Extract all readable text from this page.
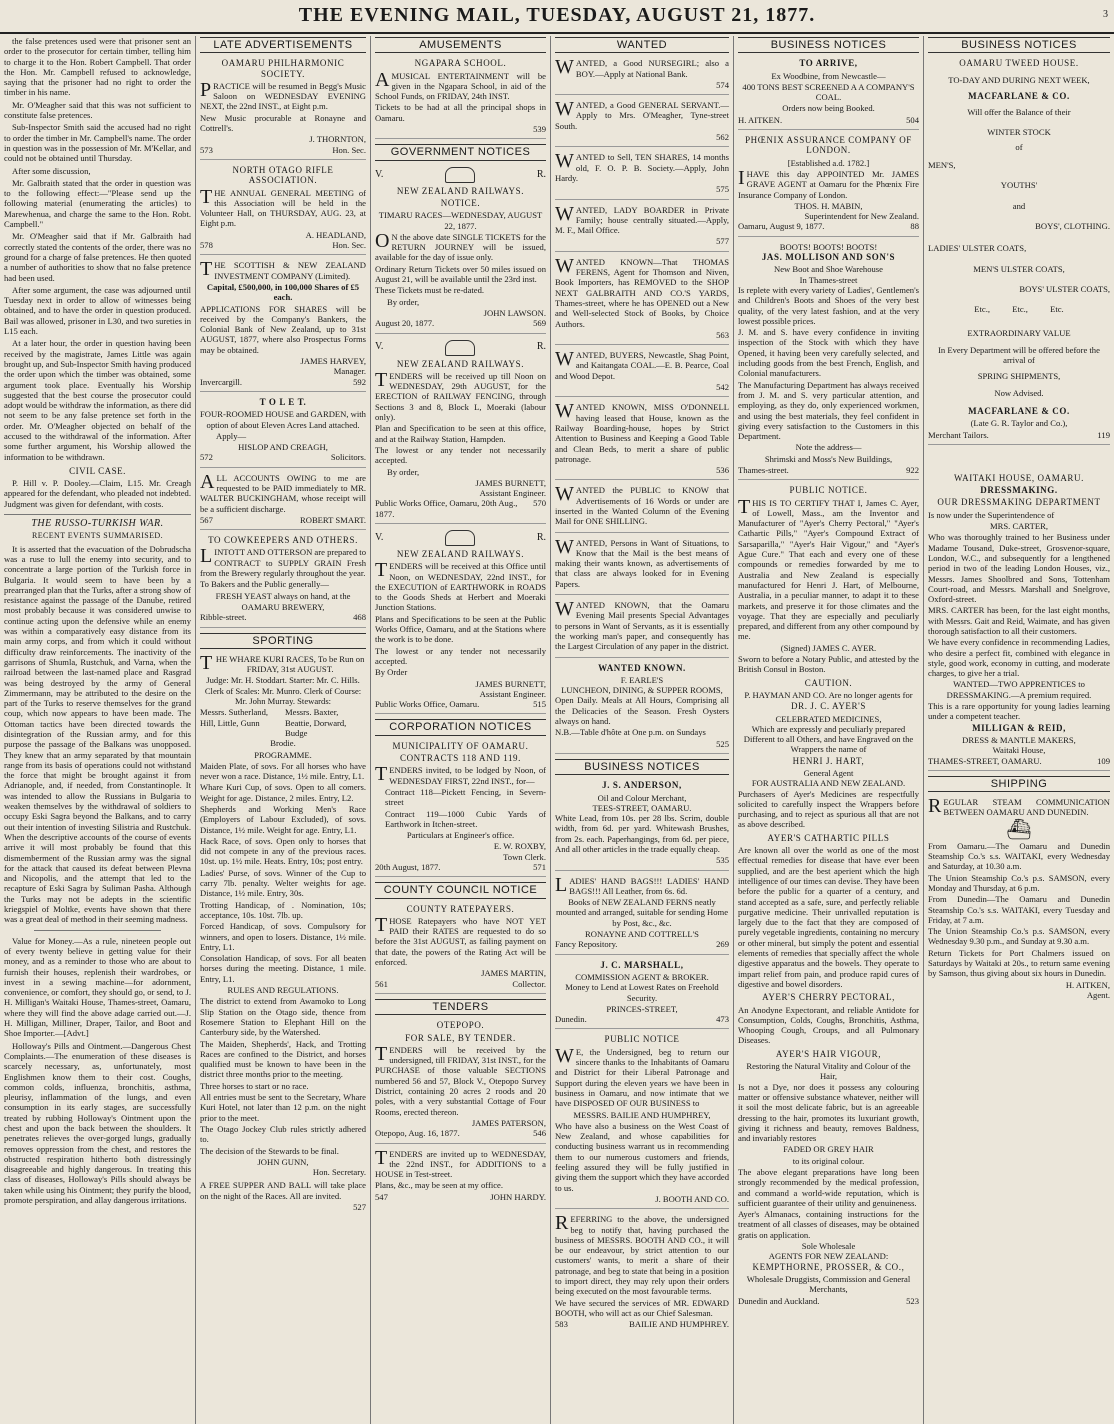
THE EVENING MAIL, TUESDAY, AUGUST 21, 1877.	3

the false pretences used were that prisoner sent an order to the prosecutor for certain timber, telling him to charge it to the Hon. Robert Campbell. That order the Hon. Mr. Campbell refused to acknowledge, saying that the prisoner had no right to order the timber in his name.

Mr. O'Meagher said that this was not sufficient to constitute false pretences.

Sub-Inspector Smith said the accused had no right to order the timber in Mr. Campbell's name. The order in question was in the possession of Mr. M'Kellar, and could not be obtained until Thursday.

After some discussion,

Mr. Galbraith stated that the order in question was to the following effect:—"Please send up the following material (enumerating the articles) to Marewhenua, and charge the same to the Hon. Robt. Campbell."

Mr. O'Meagher said that if Mr. Galbraith had correctly stated the contents of the order, there was no ground for a charge of false pretences. He then quoted a number of authorities to show that no false pretence had been used.

After some argument, the case was adjourned until Tuesday next in order to allow of witnesses being obtained, and to have the order in question produced. Bail was allowed, prisoner in L30, and two sureties in L15 each.

At a later hour, the order in question having been received by the magistrate, James Little was again brought up, and Sub-Inspector Smith having produced the order upon which the timber was obtained, some argument took place. Eventually his Worship suggested that the best course the prosecutor could adopt would be withdraw the information, as there did not seem to be any false pretence set forth in the order. Mr. O'Meagher objected on behalf of the accused to the withdrawal of the information. After some further argument, his Worship allowed the information to be withdrawn.

CIVIL CASE.

P. Hill v. P. Dooley.—Claim, L15. Mr. Creagh appeared for the defendant, who pleaded not indebted. Judgment was given for defendant, with costs.

THE RUSSO-TURKISH WAR.
RECENT EVENTS SUMMARISED.

It is asserted that the evacuation of the Dobrudscha was a ruse to lull the enemy into security, and to concentrate a large portion of the Turkish force in Bulgaria. It would seem to have been by a prearranged plan that the Turks, after a strong show of resistance against the passage of the Danube, retired most probably because it was considered unwise to continue acting upon the defensive while an enemy was within a comparatively easy distance from its main army corps, and from which it could without difficulty draw reinforcements. The inactivity of the garrisons of Shumla, Rustchuk, and Varna, when the railroad between the last-named place and Rasgrad was being destroyed by the army of General Zimmermann, may be attributed to the desire on the part of the Turks to reserve themselves for the grand coup, which now appears to have been made. The Ottoman tactics have been directed towards the disintegration of the Russian army, and for this purpose the passage of the Balkans was unopposed. They knew that an army separated by that mountain range from its basis of operations could not withstand the force that might be brought against it from Adrianople, and, if needed, from Constantinople. It was intended to allow the Russians in Bulgaria to weaken themselves by the withdrawal of soldiers to occupy Eski Sagra beyond the Balkans, and to carry out their intention of investing Silistria and Rustchuk. When the descriptive accounts of the course of events arrive it will most probably be found that this dismemberment of the Russian army was the signal for the attack that caused its defeat between Plevna and Nicopolis, and the attempt that led to the recapture of Eski Sagra by Suliman Pasha. Although the Turks may not be adepts in the scientific kriegspiel of Moltke, events have shown that there was a great deal of method in their seeming madness.

Value for Money.—As a rule, nineteen people out of every twenty believe in getting value for their money, and as a reminder to those who are about to furnish their houses, replenish their wardrobes, or invest in a sewing machine—for adornment, convenience, or comfort, they should go, or send, to J. H. Milligan's Waitaki House, Thames-street, Oamaru, where they will find the above adage carried out.—J. H. Milligan, Milliner, Draper, Tailor, and Boot and Shoe Importer.—[Advt.]

Holloway's Pills and Ointment.—Dangerous Chest Complaints.—The enumeration of these diseases is scarcely necessary, as, unfortunately, most Englishmen know them to their cost. Coughs, common colds, influenza, bronchitis, asthma, pleurisy, inflammation of the lungs, and even consumption in its early stages, are successfully treated by rubbing Holloway's Ointment upon the chest and upon the back between the shoulders. It penetrates relieves the over-gorged lungs, gradually removes oppression from the chest, and restores the obstructed respiration hitherto both distressingly disagreeable and highly dangerous. In treating this class of diseases, Holloway's Pills should always be taken while using his Ointment; they purify the blood, promote perspiration, and allay dangerous irritations.

LATE ADVERTISEMENTS
OAMARU PHILHARMONIC SOCIETY.

PRACTICE will be resumed in Begg's Music Saloon on WEDNESDAY EVENING NEXT, the 22nd INST., at Eight p.m.

New Music procurable at Ronayne and Cottrell's.

J. THORNTON,
573	Hon. Sec.
NORTH OTAGO RIFLE ASSOCIATION.

THE ANNUAL GENERAL MEETING of this Association will be held in the Volunteer Hall, on THURSDAY, AUG. 23, at Eight p.m.

A. HEADLAND,
578	Hon. Sec.

THE SCOTTISH & NEW ZEALAND INVESTMENT COMPANY (Limited).

Capital, £500,000, in 100,000 Shares of £5 each.

APPLICATIONS FOR SHARES will be received by the Company's Bankers, the Colonial Bank of New Zealand, up to 31st AUGUST, 1877, where also Prospectus Forms may be obtained.

JAMES HARVEY,
Manager.
Invercargill.	592
T O L E T.

FOUR-ROOMED HOUSE and GARDEN, with option of about Eleven Acres Land attached.

Apply—

HISLOP AND CREAGH,
572	Solicitors.

ALL ACCOUNTS OWING to me are requested to be PAID immediately to MR. WALTER BUCKINGHAM, whose receipt will be a sufficient discharge.

567	ROBERT SMART.
TO COWKEEPERS AND OTHERS.

LINTOTT AND OTTERSON are prepared to CONTRACT to SUPPLY GRAIN Fresh from the Brewery regularly throughout the year.

To Bakers and the Public generally—

FRESH YEAST always on hand, at the

OAMARU BREWERY,
Ribble-street.	468
SPORTING

THE WHARE KURI RACES, To be Run on FRIDAY, 31st AUGUST.

Judge: Mr. H. Stoddart. Starter: Mr. C. Hills. Clerk of Scales: Mr. Munro. Clerk of Course: Mr. John Murray. Stewards:

Messrs. Sutherland, Hill, Little, Gunn
Messrs. Baxter, Beattie, Dorward, Budge

Brodie.

PROGRAMME.

Maiden Plate, of sovs. For all horses who have never won a race. Distance, 1½ mile. Entry, L1.

Whare Kuri Cup, of sovs. Open to all comers. Weight for age. Distance, 2 miles. Entry, L2.

Shepherds and Working Men's Race (Employers of Labour Excluded), of sovs. Distance, 1½ mile. Weight for age. Entry, L1.

Hack Race, of sovs. Open only to horses that did not compete in any of the previous races. 10st. up. 1½ mile. Heats. Entry, 10s; post entry.

Ladies' Purse, of sovs. Winner of the Cup to carry 7lb. penalty. Welter weights for age. Distance, 1½ mile. Entry, 30s.

Trotting Handicap, of . Nomination, 10s; acceptance, 10s. 10st. 7lb. up.

Forced Handicap, of sovs. Compulsory for winners, and open to losers. Distance, 1½ mile. Entry, L1.

Consolation Handicap, of sovs. For all beaten horses during the meeting. Distance, 1 mile. Entry, L1.

RULES AND REGULATIONS.

The district to extend from Awamoko to Long Slip Station on the Otago side, thence from Rosemere Station to Elephant Hill on the Canterbury side, by the Watershed.

The Maiden, Shepherds', Hack, and Trotting Races are confined to the District, and horses qualified must be known to have been in the district three months prior to the meeting.

Three horses to start or no race.

All entries must be sent to the Secretary, Whare Kuri Hotel, not later than 12 p.m. on the night prior to the meet.

The Otago Jockey Club rules strictly adhered to.

The decision of the Stewards to be final.

JOHN GUNN,
Hon. Secretary.

A FREE SUPPER AND BALL will take place on the night of the Races. All are invited.

527
AMUSEMENTS
NGAPARA SCHOOL.

AMUSICAL ENTERTAINMENT will be given in the Ngapara School, in aid of the School Funds, on FRIDAY, 24th INST.

Tickets to be had at all the principal shops in Oamaru.

539
GOVERNMENT NOTICES
V.	R.
NEW ZEALAND RAILWAYS.
NOTICE.

TIMARU RACES—WEDNESDAY, AUGUST 22, 1877.

ON the above date SINGLE TICKETS for the RETURN JOURNEY will be issued, available for the day of issue only.

Ordinary Return Tickets over 50 miles issued on August 21, will be available until the 23rd inst.

These Tickets must be re-dated.

By order,

JOHN LAWSON.
August 20, 1877.	569
V.	R.
NEW ZEALAND RAILWAYS.

TENDERS will be received up till Noon on WEDNESDAY, 29th AUGUST, for the ERECTION of RAILWAY FENCING, through Sections 3 and 8, Block L, Moeraki (labour only).

Plan and Specification to be seen at this office, and at the Railway Station, Hampden.

The lowest or any tender not necessarily accepted.

By order,

JAMES BURNETT,
Assistant Engineer.
Public Works Office, Oamaru, 20th Aug., 1877.
570
V.	R.
NEW ZEALAND RAILWAYS.

TENDERS will be received at this Office until Noon, on WEDNESDAY, 22nd INST., for the EXECUTION of EARTHWORK in ROADS to the Goods Sheds at Herbert and Moeraki Junction Stations.

Plans and Specifications to be seen at the Public Works Office, Oamaru, and at the Stations where the work is to be done.

The lowest or any tender not necessarily accepted.

By Order

JAMES BURNETT,
Assistant Engineer.
Public Works Office, Oamaru.	515
CORPORATION NOTICES
MUNICIPALITY OF OAMARU.
CONTRACTS 118 AND 119.

TENDERS invited, to be lodged by Noon, of WEDNESDAY FIRST, 22nd INST., for—

Contract 118—Pickett Fencing, in Severn-street

Contract 119—1000 Cubic Yards of Earthwork in Itchen-street.

Particulars at Engineer's office.

E. W. ROXBY,
Town Clerk.
20th August, 1877.	571
COUNTY COUNCIL NOTICE
COUNTY RATEPAYERS.

THOSE Ratepayers who have NOT YET PAID their RATES are requested to do so before the 31st AUGUST, as failing payment on that date, the powers of the Rating Act will be enforced.

JAMES MARTIN,
561	Collector.
TENDERS
OTEPOPO.
FOR SALE, BY TENDER.

TENDERS will be received by the undersigned, till FRIDAY, 31st INST., for the PURCHASE of those valuable SECTIONS numbered 56 and 57, Block V., Otepopo Survey District, containing 20 acres 2 roods and 20 poles, with a very substantial Cottage of Four Rooms, erected thereon.

JAMES PATERSON,
Otepopo, Aug. 16, 1877.	546

TENDERS are invited up to WEDNESDAY, the 22nd INST., for ADDITIONS to a HOUSE in Test-street.

Plans, &c., may be seen at my office.

547	JOHN HARDY.
WANTED

WANTED, a Good NURSEGIRL; also a BOY.—Apply at National Bank.

574

WANTED, a Good GENERAL SERVANT.—Apply to Mrs. O'Meagher, Tyne-street South.

562

WANTED to Sell, TEN SHARES, 14 months old, F. O. P. B. Society.—Apply, John Hardy.

575

WANTED, LADY BOARDER in Private Family; house centrally situated.—Apply, M. F., Mail Office.

577

WANTED KNOWN—That THOMAS FERENS, Agent for Thomson and Niven, Book Importers, has REMOVED to the SHOP NEXT GALBRAITH AND CO.'S YARDS, Thames-street, where he has OPENED out a New and Well-selected Stock of Books, by Choice Authors.

563

WANTED, BUYERS, Newcastle, Shag Point, and Kaitangata COAL.—E. B. Pearce, Coal and Wood Depot.

542

WANTED KNOWN, MISS O'DONNELL having leased that House, known as the Railway Boarding-house, hopes by Strict Attention to Business and Keeping a Good Table and Clean Beds, to merit a share of public patronage.

536

WANTED the PUBLIC to KNOW that Advertisements of 16 Words or under are inserted in the Wanted Column of the Evening Mail for ONE SHILLING.

WANTED, Persons in Want of Situations, to Know that the Mail is the best means of making their wants known, as advertisements of that class are always looked for in Evening Papers.

WANTED KNOWN, that the Oamaru Evening Mail presents Special Advantages to persons in Want of Servants, as it is essentially the working man's paper, and consequently has the Largest Circulation of any paper in the district.

WANTED KNOWN.
F. EARLE'S
LUNCHEON, DINING, & SUPPER ROOMS,

Open Daily. Meals at All Hours, Comprising all the Delicacies of the Season. Fresh Oysters always on hand.

N.B.—Table d'hôte at One p.m. on Sundays

525
BUSINESS NOTICES
J. S. ANDERSON,
Oil and Colour Merchant,
TEES-STREET, OAMARU.

White Lead, from 10s. per 28 lbs. Scrim, double width, from 6d. per yard. Whitewash Brushes, from 2s. each. Paperhangings, from 6d. per piece, And all other articles in the trade equally cheap.

535

LADIES' HAND BAGS!!! LADIES' HAND BAGS!!! All Leather, from 6s. 6d.

Books of NEW ZEALAND FERNS neatly mounted and arranged, suitable for sending Home by Post, &c., &c.

RONAYNE AND COTTRELL'S
Fancy Repository.	269
J. C. MARSHALL,
COMMISSION AGENT & BROKER.

Money to Lend at Lowest Rates on Freehold Security.

PRINCES-STREET,
Dunedin.	473
PUBLIC NOTICE

WE, the Undersigned, beg to return our sincere thanks to the Inhabitants of Oamaru and District for their Liberal Patronage and Support during the eleven years we have been in business in Oamaru, and now intimate that we have DISPOSED OF OUR BUSINESS to

MESSRS. BAILIE AND HUMPHREY,

Who have also a business on the West Coast of New Zealand, and whose capabilities for conducting business warrant us in recommending them to our numerous customers and friends, feeling assured they will be fully justified in giving them the support which they have accorded to us.

J. BOOTH AND CO.

REFERRING to the above, the undersigned beg to notify that, having purchased the business of MESSRS. BOOTH AND CO., it will be our endeavour, by strict attention to our customers' wants, to merit a share of their patronage, and beg to state that being in a position to import direct, they may rely upon their orders being executed on the most favourable terms.

We have secured the services of MR. EDWARD BOOTH, who will act as our Chief Salesman.

583	BAILIE AND HUMPHREY.
BUSINESS NOTICES
TO ARRIVE,

Ex Woodbine, from Newcastle—

400 TONS BEST SCREENED A A COMPANY'S COAL.

Orders now being Booked.

H. AITKEN.	504
PHŒNIX ASSURANCE COMPANY OF LONDON.

[Established a.d. 1782.]

IHAVE this day APPOINTED Mr. JAMES GRAVE AGENT at Oamaru for the Phœnix Fire Insurance Company of London.

THOS. H. MABIN,
Superintendent for New Zealand.
Oamaru, August 9, 1877.	88
BOOTS! BOOTS! BOOTS!
JAS. MOLLISON AND SON'S
New Boot and Shoe Warehouse
In Thames-street

Is replete with every variety of Ladies', Gentlemen's and Children's Boots and Shoes of the very best quality, of the very latest fashion, and at the very lowest possible prices.

J. M. and S. have every confidence in inviting inspection of the Stock with which they have Opened, it having been very carefully selected, and including goods from the best French, English, and Colonial manufacturers.

The Manufacturing Department has always received from J. M. and S. very particular attention, and employing, as they do, only experienced workmen, and using the best materials, they feel confident in giving every satisfaction to the Customers in this Department.

Note the address—

Shrimski and Moss's New Buildings,

Thames-street.	922
PUBLIC NOTICE.

THIS IS TO CERTIFY THAT I, James C. Ayer, of Lowell, Mass., am the Inventor and Manufacturer of "Ayer's Cherry Pectoral," "Ayer's Cathartic Pills," "Ayer's Compound Extract of Sarsaparilla," "Ayer's Hair Vigour," and "Ayer's Ague Cure." That each and every one of these compounds or remedies forwarded by me to Australia and New Zealand is especially manufactured for Henri J. Hart, of Melbourne, Australia, in a peculiar manner, to adapt it to these markets, and preserve it for those climates and the voyage. That they are especially and peculiarly prepared, and different from any other compound by me.

(Signed) JAMES C. AYER.

Sworn to before a Notary Public, and attested by the British Consul in Boston.

CAUTION.

P. HAYMAN AND CO. Are no longer agents for

DR. J. C. AYER'S
CELEBRATED MEDICINES,

Which are expressly and peculiarly prepared Different to all Others, and have Engraved on the Wrappers the name of

HENRI J. HART,
General Agent
FOR AUSTRALIA AND NEW ZEALAND.

Purchasers of Ayer's Medicines are respectfully solicited to carefully inspect the Wrappers before purchasing, and to reject as spurious all that are not as above described.

AYER'S CATHARTIC PILLS

Are known all over the world as one of the most effectual remedies for disease that have ever been supplied, and are the best aperient which the high intelligence of our times can devise. They have been before the public for a quarter of a century, and stand accepted as a safe, sure, and perfectly reliable purgative medicine. Their unrivalled reputation is largely due to the fact that they are composed of purely vegetable ingredients, containing no mercury or other mineral, but simply the potent and essential elements of remedies that specially affect the whole digestive apparatus and the bowels. They operate to impart relief from pain, and produce rapid cures of digestive and bowel disorders.

AYER'S CHERRY PECTORAL,

An Anodyne Expectorant, and reliable Antidote for Consumption, Colds, Coughs, Bronchitis, Asthma, Whooping Cough, Croups, and all Pulmonary Diseases.

AYER'S HAIR VIGOUR,
Restoring the Natural Vitality and Colour of the Hair,

Is not a Dye, nor does it possess any colouring matter or offensive substance whatever, neither will it soil the most delicate fabric, but is an agreeable dressing to the hair, promotes its luxuriant growth, giving it richness and beauty, removes Baldness, and invariably restores

FADED OR GREY HAIR

to its original colour.

The above elegant preparations have long been strongly recommended by the medical profession, and command a world-wide reputation, which is sufficient guarantee of their utility and genuineness.

Ayer's Almanacs, containing instructions for the treatment of all classes of diseases, may be obtained gratis on application.

Sole Wholesale
AGENTS FOR NEW ZEALAND:
KEMPTHORNE, PROSSER, & CO.,

Wholesale Druggists, Commission and General Merchants,

Dunedin and Auckland.	523
BUSINESS NOTICES
OAMARU TWEED HOUSE.

TO-DAY AND DURING NEXT WEEK,

MACFARLANE & CO.

Will offer the Balance of their

WINTER STOCK

of

MEN'S,

YOUTHS'

and

BOYS', CLOTHING.

LADIES' ULSTER COATS,

MEN'S ULSTER COATS,

BOYS' ULSTER COATS,

Etc., Etc., Etc.

EXTRAORDINARY VALUE

In Every Department will be offered before the arrival of

SPRING SHIPMENTS,

Now Advised.

MACFARLANE & CO.

(Late G. R. Taylor and Co.),

Merchant Tailors.	119
WAITAKI HOUSE, OAMARU.
DRESSMAKING.
OUR DRESSMAKING DEPARTMENT

Is now under the Superintendence of

MRS. CARTER,

Who was thoroughly trained to her Business under Madame Tousand, Duke-street, Grosvenor-square, London, W.C., and subsequently for a lengthened period in two of the leading London Houses, viz., Messrs. James Shoolbred and Sons, Tottenham Court-road, and Messrs. Marshall and Snelgrove, Oxford-street.

MRS. CARTER has been, for the last eight months, with Messrs. Gait and Reid, Waimate, and has given thorough satisfaction to all their customers.

We have every confidence in recommending Ladies, who desire a perfect fit, combined with elegance in style, good work, economy in cutting, and moderate charges, to give her a trial.

WANTED—TWO APPRENTICES to DRESSMAKING.—A premium required.

This is a rare opportunity for young ladies learning under a competent teacher.

MILLIGAN & REID,
DRESS & MANTLE MAKERS,
Waitaki House,
THAMES-STREET, OAMARU.	109
SHIPPING

REGULAR STEAM COMMUNICATION BETWEEN OAMARU AND DUNEDIN.

⛴

From Oamaru.—The Oamaru and Dunedin Steamship Co.'s s.s. WAITAKI, every Wednesday and Saturday, at 10.30 a.m.

The Union Steamship Co.'s p.s. SAMSON, every Monday and Thursday, at 6 p.m.

From Dunedin—The Oamaru and Dunedin Steamship Co.'s s.s. WAITAKI, every Tuesday and Friday, at 7 a.m.

The Union Steamship Co.'s p.s. SAMSON, every Wednesday 9.30 p.m., and Sunday at 9.30 a.m.

Return Tickets for Port Chalmers issued on Saturdays by Waitaki at 20s., to return same evening by Samson, thus giving about six hours in Dunedin.

H. AITKEN,
Agent.
